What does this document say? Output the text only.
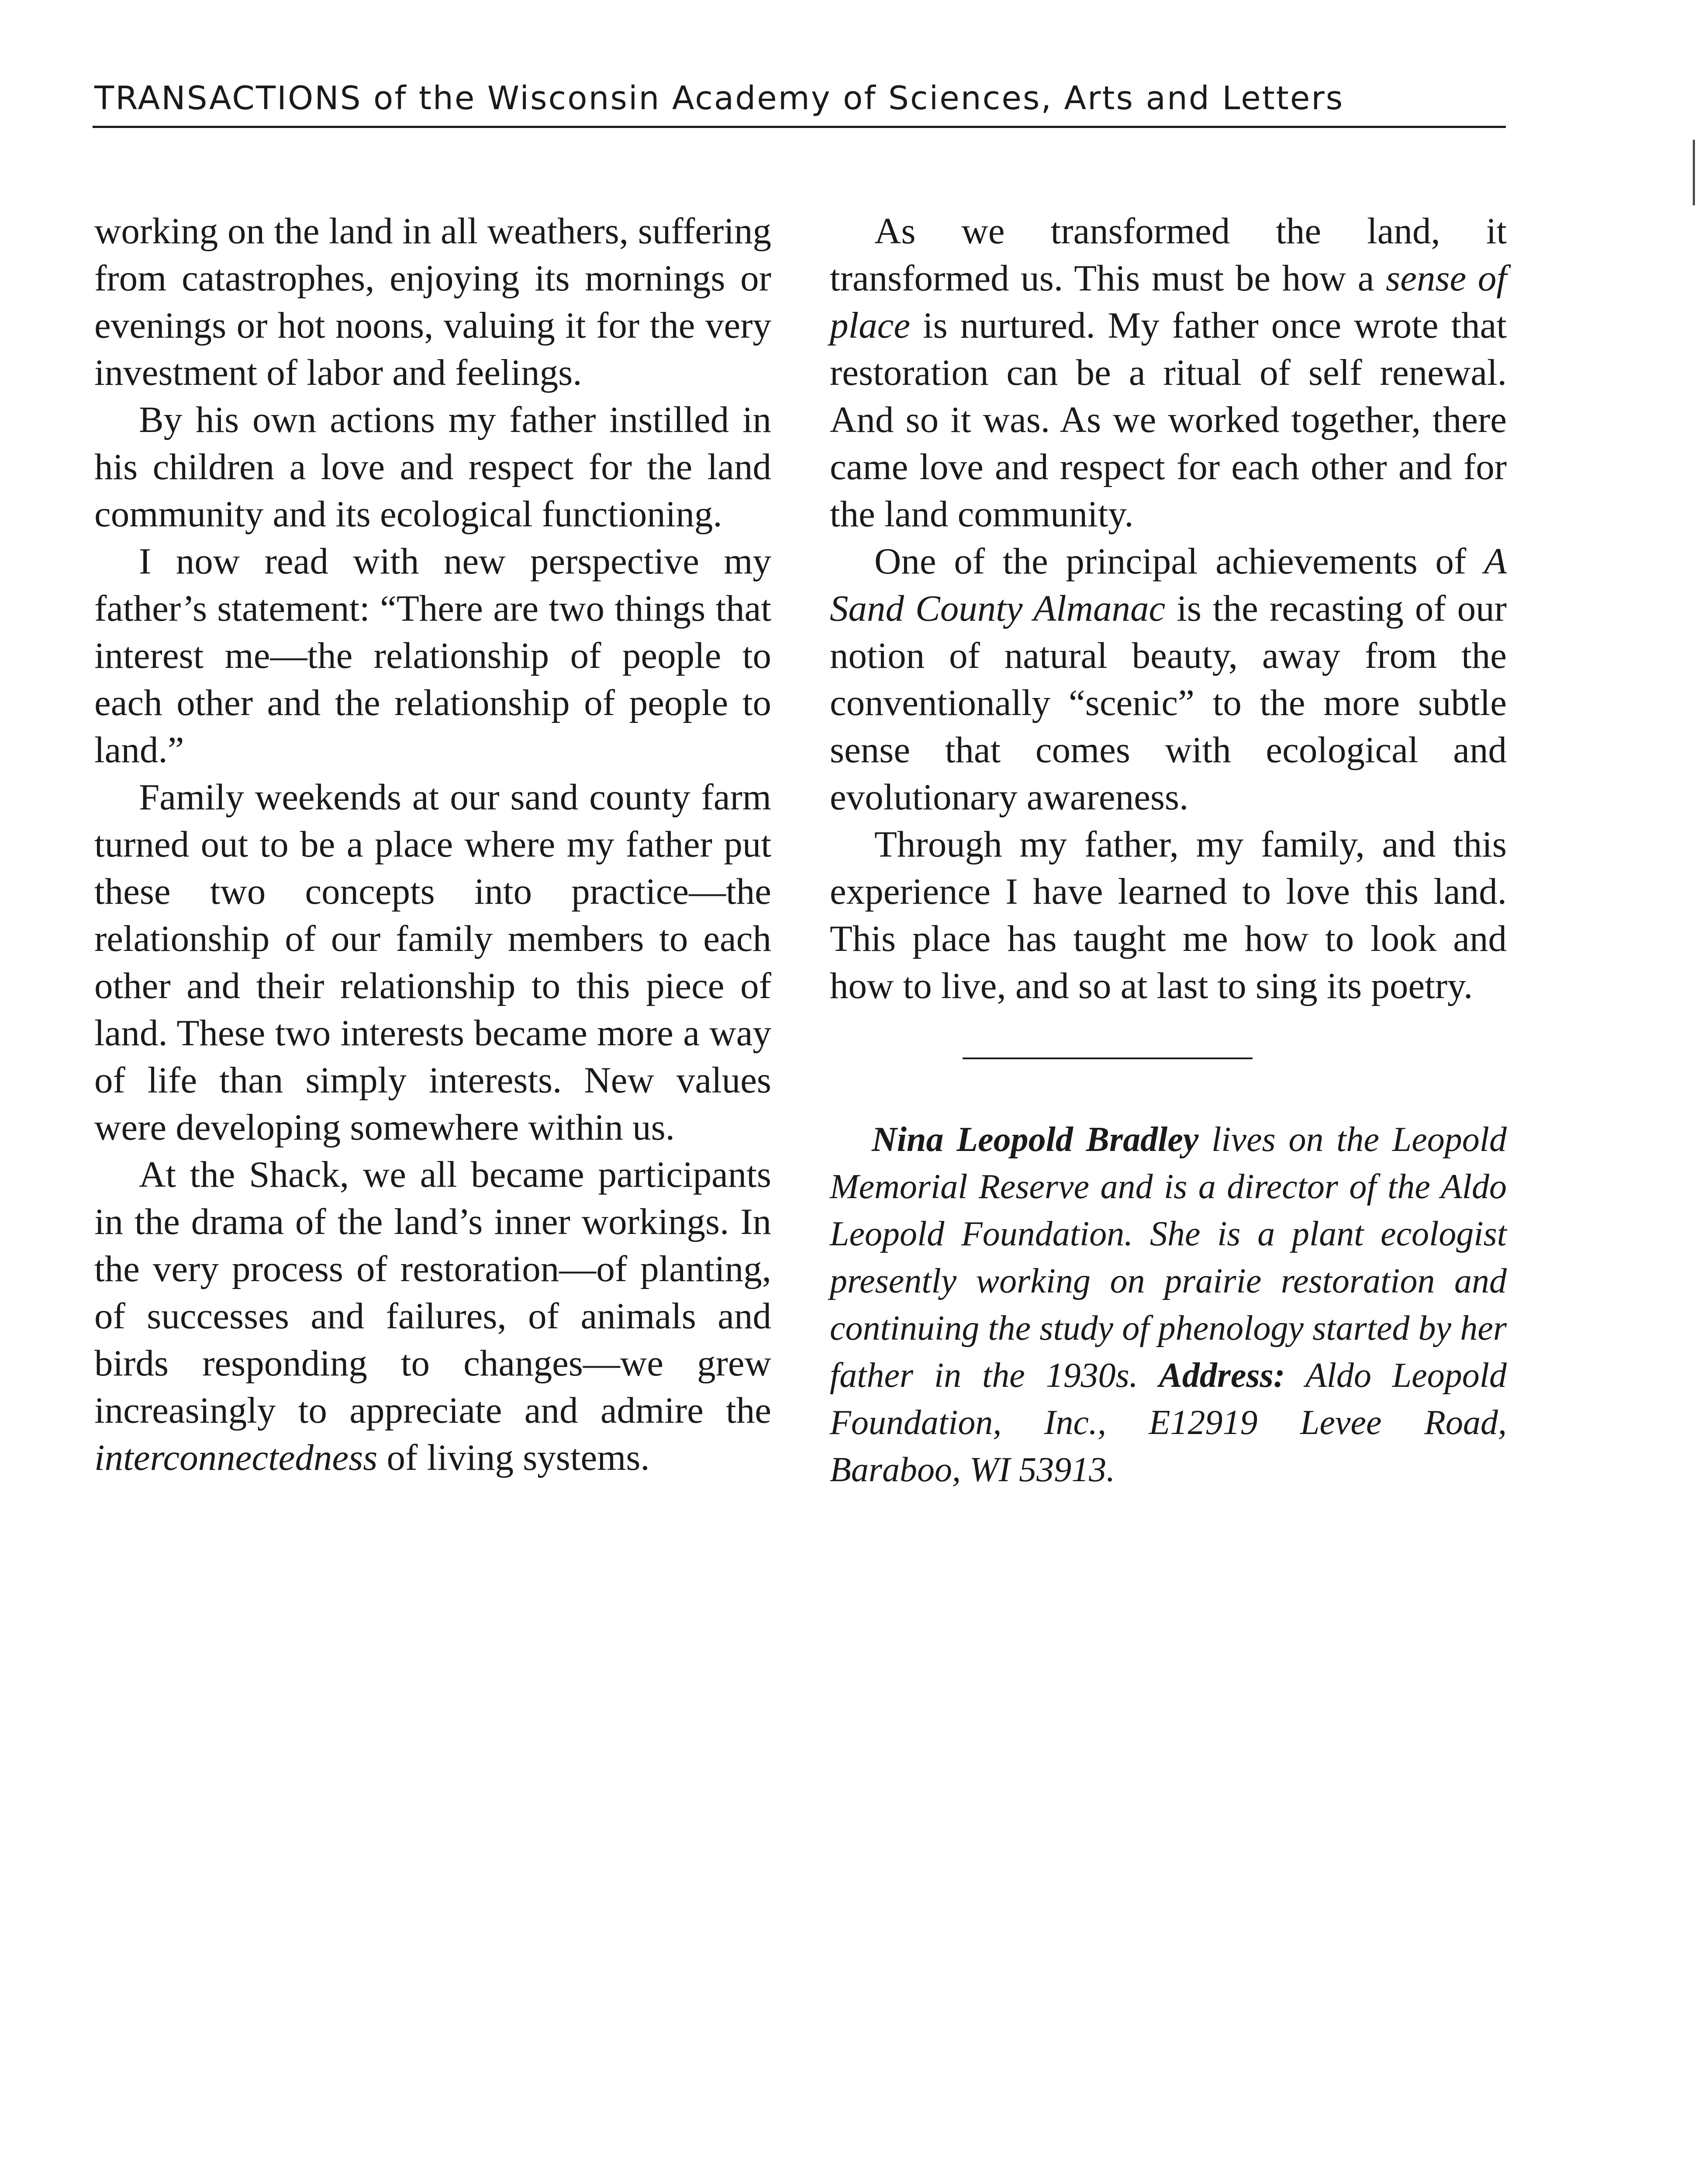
TRANSACTIONS of the Wisconsin Academy of Sciences, Arts and Letters

working on the land in all weathers, suffering from catastrophes, enjoying its mornings or evenings or hot noons, valuing it for the very investment of labor and feelings.

By his own actions my father instilled in his children a love and respect for the land community and its ecological functioning.

I now read with new perspective my father’s statement: “There are two things that interest me—the relationship of people to each other and the relationship of people to land.”

Family weekends at our sand county farm turned out to be a place where my father put these two concepts into practice—the relationship of our family members to each other and their relationship to this piece of land. These two interests became more a way of life than simply interests. New values were developing somewhere within us.

At the Shack, we all became participants in the drama of the land’s inner workings. In the very process of restoration—of planting, of successes and failures, of animals and birds responding to changes—we grew increasingly to appreciate and admire the interconnectedness of living systems.

As we transformed the land, it transformed us. This must be how a sense of place is nurtured. My father once wrote that restoration can be a ritual of self renewal. And so it was. As we worked together, there came love and respect for each other and for the land community.

One of the principal achievements of A Sand County Almanac is the recasting of our notion of natural beauty, away from the conventionally “scenic” to the more subtle sense that comes with ecological and evolutionary awareness.

Through my father, my family, and this experience I have learned to love this land. This place has taught me how to look and how to live, and so at last to sing its poetry.

Nina Leopold Bradley lives on the Leopold Memorial Reserve and is a director of the Aldo Leopold Foundation. She is a plant ecologist presently working on prairie restoration and continuing the study of phenology started by her father in the 1930s. Address: Aldo Leopold Foundation, Inc., E12919 Levee Road, Baraboo, WI 53913.
